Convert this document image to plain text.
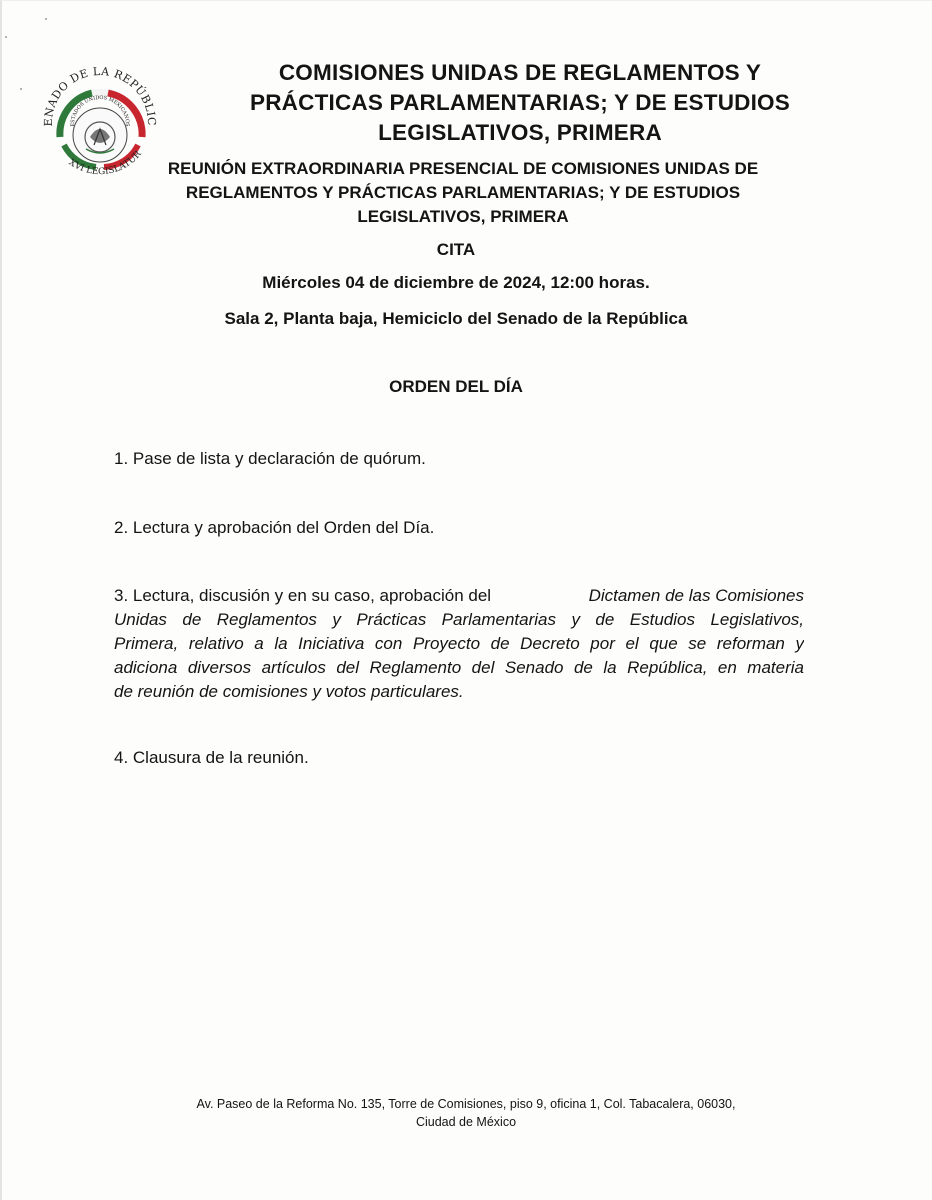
ESTADOS UNIDOS MEXICANOS
ENADO DE LA REPÚBLIC
XVI LEGISLATUR
COMISIONES UNIDAS DE REGLAMENTOS Y
PRÁCTICAS PARLAMENTARIAS; Y DE ESTUDIOS
LEGISLATIVOS, PRIMERA
REUNIÓN EXTRAORDINARIA PRESENCIAL DE COMISIONES UNIDAS DE
REGLAMENTOS Y PRÁCTICAS PARLAMENTARIAS; Y DE ESTUDIOS
LEGISLATIVOS, PRIMERA

CITA

Miércoles 04 de diciembre de 2024, 12:00 horas.

Sala 2, Planta baja, Hemiciclo del Senado de la República

ORDEN DEL DÍA

1. Pase de lista y declaración de quórum.
2. Lectura y aprobación del Orden del Día.
3. Lectura, discusión y en su caso, aprobación del	Dictamen de las Comisiones
Unidas de Reglamentos y Prácticas Parlamentarias y de Estudios Legislativos,
Primera, relativo a la Iniciativa con Proyecto de Decreto por el que se reforman y
adiciona diversos artículos del Reglamento del Senado de la República, en materia
de reunión de comisiones y votos particulares.
4. Clausura de la reunión.
Av. Paseo de la Reforma No. 135, Torre de Comisiones, piso 9, oficina 1, Col. Tabacalera, 06030,
Ciudad de México
